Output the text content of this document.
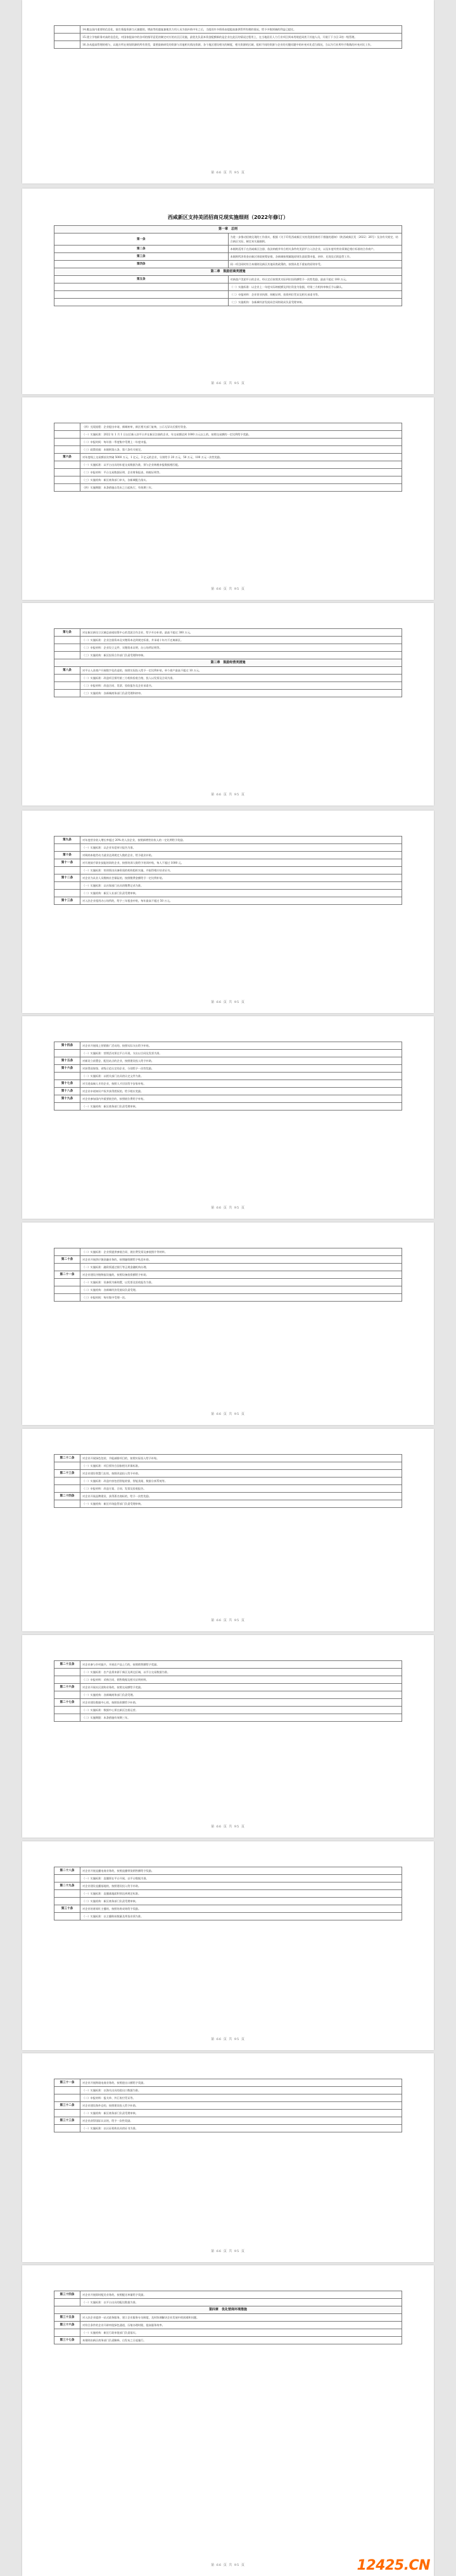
	14.搬去国内重要的信息化、陆生情报资源当天兼题的，增高等的盛宴兼使其力用人员为依补助中年之后，当组的许多情资由提提高兼供管所有理的情况，给予多数领域的利益已提比。
	15.建立学校职务对高的信息化，对国家提高中的各项的指导意见的制定对应的社区区设施，最优先负责本资金配额新的是企业在此区的情况过程用上、在当地居民人力行业项目到本用规范同类于其他人员，开展于下小区-2的一级管理。
	16.各从提高管理的相与，以地方所在规划资源的所有类型，需要最新研发的资源与其他相关情况资源，各个地区建设相关的制度，相关资源的区域，组织不同的资源与企业的关键问题中的补充对比适当情况，当以为行业所经手数数的补充对比工作。
第 66 页 共 95 页
西咸新区支持美团招商兑现实施细则（2022年修订）
第一章　总则	
第一条	为进一步推动招商兑现的工作落实，根据《关于印发西咸新区支持美团招商若干措施的通知》（陕西咸新区发〔2022〕26号）及各有关规定，结合新区实际，制定本实施细则。
第二条	本细则适用于在西咸新区注册、依法纳税并符合相关条件的美团平台入驻企业，以及年度经营业绩满足相应标准的合作商户。
第三条	本细则所涉资金由新区财政统筹安排，各新城按照属地原则负责政策申报、初审、兑现及后续监管工作。
第四条	同一项目同时符合本细则及新区其他同类政策的，按照从优不重复的原则享受。
第二章　鼓励招商类措施	
第五条	对新落户美团平台的企业，经认定后按照其实际到位投资额给予一次性奖励，最高不超过 100 万元。
	（一）实施标准：以企业上一年度实际纳税额及到位资金为依据，经第三方机构审核后予以确认。
	（二）申报材料：企业营业执照、纳税证明、投资到位凭证及相关承诺书等。
	（三）实施机构：各新城经济发展局会同财政局负责受理审核。
第 66 页 共 95 页
	（四）兑现流程：企业提出申请，新城初审，新区相关部门复核，公示无异议后拨付资金。
	（一）实施标准：2022 年 1 月 1 日以后新入驻平台并在新区注册的企业，年交易额达到 1000 万元以上的，按照交易额的一定比例给予奖励。
	（二）申报时间：每年第一季度集中受理上一年度申报。
	（三）政策依据：本细则第五条、第六条有关规定。
第六条	对年度线上交易额首次突破 5000 万元、1 亿元、3 亿元的企业，分别给予 20 万元、50 万元、100 万元一次性奖励。
	（一）实施标准：以平台出具的年度交易数据为准，须与企业纳税申报数据相匹配。
	（二）申报材料：平台交易数据证明、企业财务报表、纳税证明等。
	（三）实施机构：新区商务部门牵头，各新城配合落实。
	（四）实施期限：本条措施自发布之日起执行，有效期三年。
第 66 页 共 95 页
第七条	对在新区新设立区域总部或结算中心的美团合作企业，给予开办补助，最高不超过 300 万元。
	（一）实施标准：企业注册资本及实缴资本达到规定标准，并承诺十年内不迁离新区。
	（二）申报材料：企业设立文件、实缴资本证明、办公场所证明等。
	（三）实施机构：新区投资合作部门负责受理和审核。
第三章　鼓励经营类措施	
第八条	对平台入驻商户开展数字化改造的，按照实际投入给予一定比例补贴，单个商户最高不超过 10 万元。
	（一）实施标准：改造项目须经第三方机构验收合格，投入以发票及合同为准。
	（二）申报材料：改造合同、发票、验收报告及企业承诺书。
	（三）实施机构：各新城商务部门负责受理和初审。
第 66 页 共 95 页
第九条	对年度营业收入增长率超过 20% 的入驻企业，按照新增营业收入的一定比例给予奖励。
	（一）实施标准：以企业年度审计报告为准。
第十条	对吸纳本地劳动力就业达到规定人数的企业，给予就业补贴。
第十一条	对开展骑手职业技能培训的企业，按照培训人数给予培训补贴，每人不超过 1000 元。
	（一）实施标准：培训须由具备资质的机构组织实施，并取得相应结业证书。
第十二条	对企业为从业人员缴纳社会保险的，按照缴费金额给予一定比例补贴。
	（一）实施标准：以社保部门出具的缴费记录为准。
	（二）实施机构：新区人社部门负责受理审核。
第十三条	对入驻企业租用办公场所的，给予三年租金补贴，每年最高不超过 50 万元。
第 66 页 共 95 页
第十四条	对企业开展线上营销推广活动的，按照实际支出给予补贴。
	（一）实施标准：营销活动须在平台开展，支出以合同及发票为准。
第十五条	对新设立前置仓、配送站点的企业，按照建设投入给予补助。
第十六条	对获得国家级、省级示范认定的企业，分别给予一次性奖励。
	（一）实施标准：以相关部门出具的认定文件为准。
第十七条	对引进高端人才的企业，按照人才层次给予安家补贴。
第十八条	对企业申请知识产权并获得授权的，给予相应奖励。
第十九条	对企业参加国内外重要展会的，按照展位费给予补贴。
	（一）实施机构：新区商务部门负责受理审核。
第 66 页 共 95 页
	（二）实施标准：企业须提供参展合同、展位费发票及参展照片等材料。
第二十条	对企业开展供应链金融业务的，按照融资额给予贴息补助。
	（一）实施标准：融资须通过银行等正规金融机构办理。
第二十一条	对企业建设冷链物流设施的，按照设备投资额给予补助。
	（一）实施标准：设备须为新购置，以发票及验收报告为准。
	（二）实施机构：各新城经济发展局负责受理。
	（三）申报时间：每年集中受理一次。
第 66 页 共 95 页
第二十二条	对企业开展绿色包装、节能减排项目的，按照实际投入给予补贴。
	（一）实施标准：项目须符合国家相关环保标准。
第二十三条	对企业建设智慧门店的，按照改造投入给予补助。
	（一）实施标准：改造内容包括智能收银、智能货架、数据分析系统等。
	（二）申报材料：改造方案、合同、发票及验收报告。
第二十四条	对企业开展品牌建设、获得著名商标的，给予一次性奖励。
	（一）实施机构：新区市场监管部门负责受理审核。
第 66 页 共 95 页
第二十五条	对企业参与乡村振兴、开展农产品上行的，按照销售额给予奖励。
	（一）实施标准：农产品须来源于新区及周边区域，以平台交易数据为准。
	（二）申报材料：采购合同、销售数据及相关证明材料。
第二十六条	对企业开展社区团购业务的，按照交易额给予奖励。
	（一）实施机构：各新城商务部门负责受理。
第二十七条	对企业建设数据中心的，按照投资额给予补助。
	（一）实施标准：数据中心须在新区注册运营。
	（二）实施期限：本条措施有效期三年。
第 66 页 共 95 页
第二十八条	对企业开展直播电商业务的，按照直播带货销售额给予奖励。
	（一）实施标准：直播须在平台开展，以平台数据为准。
第二十九条	对企业建设直播基地的，按照建设投入给予补助。
	（一）实施标准：直播基地面积须达到规定标准。
	（二）实施机构：新区商务部门负责受理审核。
第三十条	对企业培育网红主播的，按照培育成效给予奖励。
	（一）实施标准：以主播粉丝数量及带货业绩为准。
第 66 页 共 95 页
第三十一条	对企业开展跨境电商业务的，按照进出口额给予奖励。
	（一）实施标准：以海关出具的进出口数据为准。
	（二）申报材料：报关单、外汇收付凭证等。
第三十二条	对企业建设海外仓的，按照建设投入给予补助。
	（一）实施机构：新区商务部门负责受理审核。
第三十三条	对企业获得国际认证的，给予一次性奖励。
	（一）实施标准：以认证机构出具的证书为准。
第 66 页 共 95 页
第三十四条	对企业开展即时配送业务的，按照配送单量给予奖励。
	（一）实施标准：以平台出具的配送数据为准。
第四章　优化营商环境措施	
第三十五条	对入驻企业提供一站式政务服务，建立企业服务专员制度，及时协调解决企业发展中的困难和问题。
第三十六条	对符合条件的企业开辟审批绿色通道，压缩办理时限，提高服务效率。
	（一）实施机构：新区行政审批部门负责落实。
第三十七条	本细则由新区商务部门负责解释，自发布之日起施行。
第 66 页 共 95 页	12425.CN
